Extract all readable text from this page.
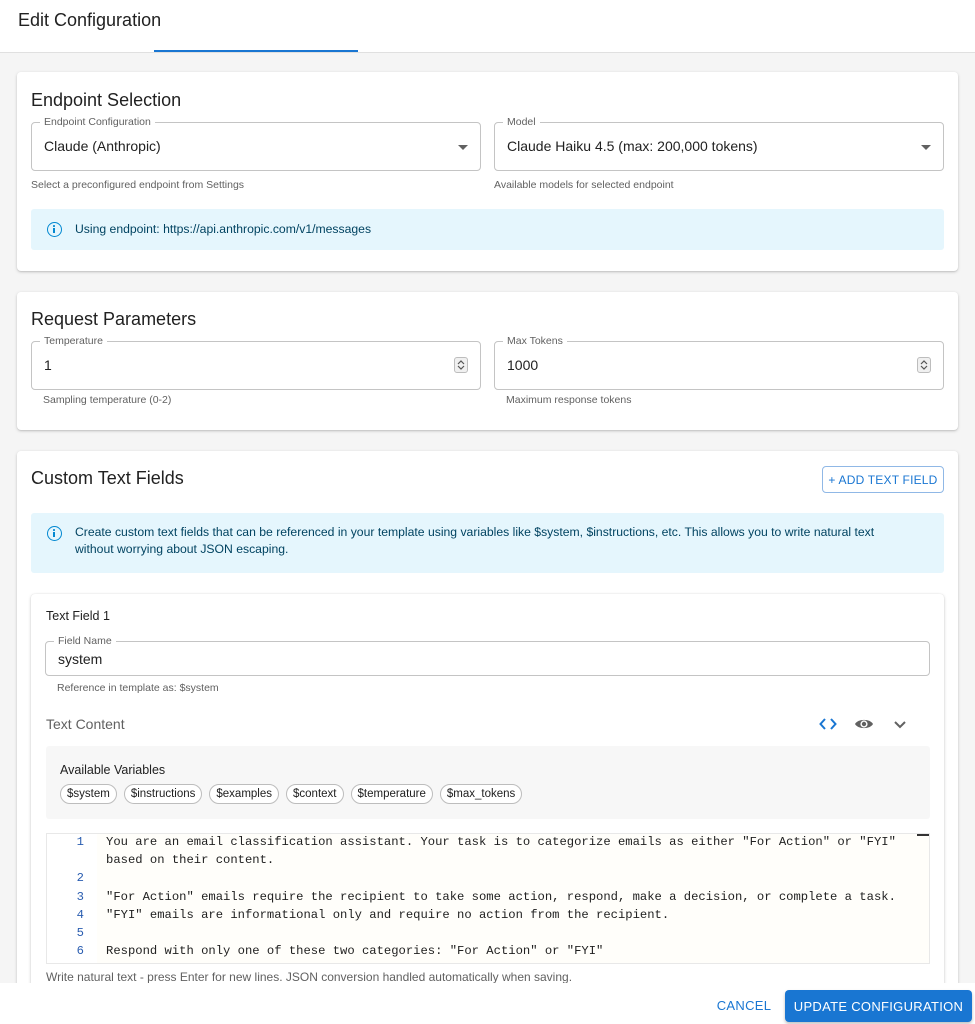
Edit Configuration
Endpoint Selection
Endpoint Configuration
Claude (Anthropic)
Select a preconfigured endpoint from Settings
Model
Claude Haiku 4.5 (max: 200,000 tokens)
Available models for selected endpoint
Using endpoint: https://api.anthropic.com/v1/messages
Request Parameters
Temperature
1
Sampling temperature (0-2)
Max Tokens
1000
Maximum response tokens
Custom Text Fields	+ ADD TEXT FIELD
Create custom text fields that can be referenced in your template using variables like $system, $instructions, etc. This allows you to write natural text
without worrying about JSON escaping.
Text Field 1
Field Name
system
Reference in template as: $system
Text Content
Available Variables
$system	$instructions	$examples	$context	$temperature	$max_tokens
1 You are an email classification assistant. Your task is to categorize emails as either "For Action" or "FYI"
based on their content.
2
3 "For Action" emails require the recipient to take some action, respond, make a decision, or complete a task.
4 "FYI" emails are informational only and require no action from the recipient.
5
6 Respond with only one of these two categories: "For Action" or "FYI"
Write natural text - press Enter for new lines. JSON conversion handled automatically when saving.
CANCEL	UPDATE CONFIGURATION
